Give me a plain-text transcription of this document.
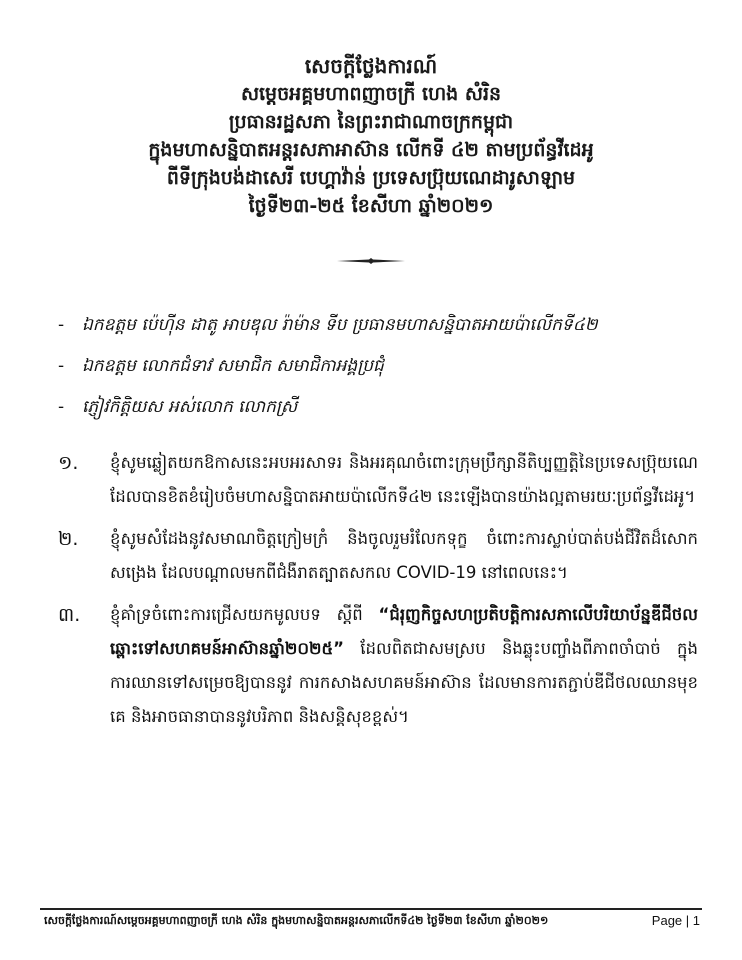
សេចក្តីថ្លែងការណ៍
សម្តេចអគ្គមហាពញាចក្រី ហេង សំរិន
ប្រធានរដ្ឋសភា នៃព្រះរាជាណាចក្រកម្ពុជា
ក្នុងមហាសន្និបាតអន្តរសភាអាស៊ាន លើកទី ៤២ តាមប្រព័ន្ធវីដេអូ
ពីទីក្រុងបង់ដាសេរី បេហ្គាវ៉ាន់ ប្រទេសប្រ៊ុយណេដារូសាឡាម
ថ្ងៃទី២៣-២៥ ខែសីហា ឆ្នាំ២០២១
-	ឯកឧត្តម ប៉េហ៊ីន ដាតូ អាបឌុល រ៉ាម៉ាន ទីប ប្រធានមហាសន្និបាតអាយប៉ាលើកទី៤២
-	ឯកឧត្តម លោកជំទាវ សមាជិក សមាជិកាអង្គប្រជុំ
-	ភ្ញៀវកិត្តិយស អស់លោក លោកស្រី
១.	ខ្ញុំសូមឆ្លៀតយកឱកាសនេះអបអរសាទរ និងអរគុណចំពោះក្រុមប្រឹក្សានីតិប្បញ្ញត្តិនៃប្រទេសប្រ៊ុយណេ ដែលបានខិតខំរៀបចំមហាសន្និបាតអាយប៉ាលើកទី៤២ នេះឡើងបានយ៉ាងល្អតាមរយៈប្រព័ន្ធវីដេអូ។
២.	ខ្ញុំសូមសំដែងនូវសមាណចិត្តក្រៀមក្រំ និងចូលរួមរំលែកទុក្ខ ចំពោះការស្លាប់បាត់បង់ជីវិតដ៏សោកសង្រេង ដែលបណ្តាលមកពីជំងឺរាតត្បាតសកល COVID-19 នៅពេលនេះ។
៣.	ខ្ញុំគាំទ្រចំពោះការជ្រើសយកមូលបទ ស្តីពី “ជំរុញកិច្ចសហប្រតិបត្តិការសភាលើបរិយាប័ន្នឌីជីថល ឆ្ពោះទៅសហគមន៍អាស៊ានឆ្នាំ២០២៥” ដែលពិតជាសមស្រប និងឆ្លុះបញ្ចាំងពីភាពចាំបាច់ ក្នុងការឈានទៅសម្រេចឱ្យបាននូវ ការកសាងសហគមន៍អាស៊ាន ដែលមានការតភ្ជាប់ឌីជីថលឈានមុខគេ និងអាចធានាបាននូវបរិភាព និងសន្តិសុខខ្ពស់។
សេចក្តីថ្លែងការណ៍សម្តេចអគ្គមហាពញាចក្រី ហេង សំរិន ក្នុងមហាសន្និបាតអន្តរសភាលើកទី៤២ ថ្ងៃទី២៣ ខែសីហា ឆ្នាំ២០២១	Page | 1
